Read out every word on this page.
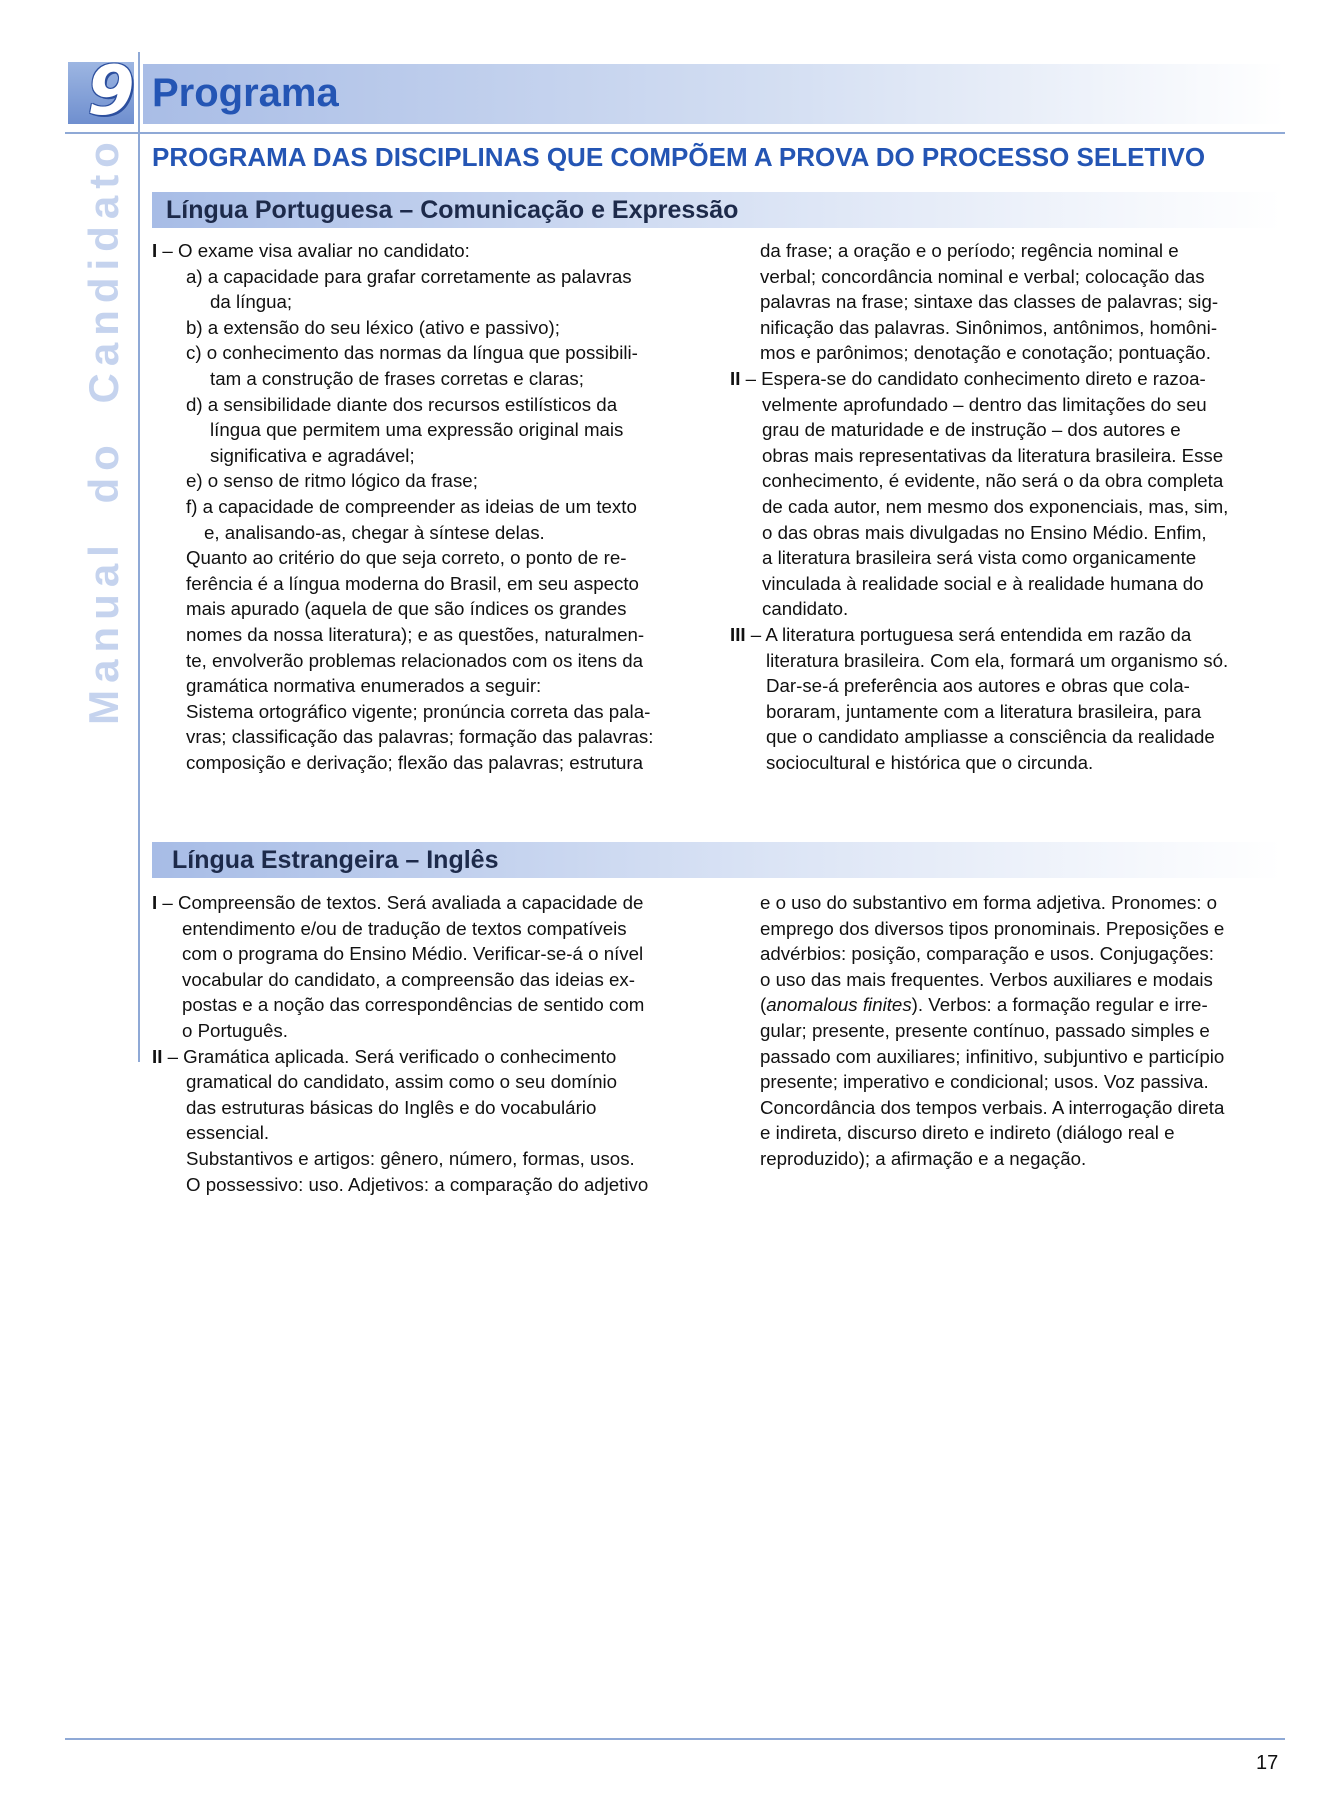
9 Programa
Manual do Candidato PROGRAMA DAS DISCIPLINAS QUE COMPÕEM A PROVA DO PROCESSO SELETIVO
Língua Portuguesa – Comunicação e Expressão
I – O exame visa avaliar no candidato:
a) a capacidade para grafar corretamente as palavras
da língua;
b) a extensão do seu léxico (ativo e passivo);
c) o conhecimento das normas da língua que possibili-
tam a construção de frases corretas e claras;
d) a sensibilidade diante dos recursos estilísticos da
língua que permitem uma expressão original mais
significativa e agradável;
e) o senso de ritmo lógico da frase;
f) a capacidade de compreender as ideias de um texto
e, analisando-as, chegar à síntese delas.
Quanto ao critério do que seja correto, o ponto de re-
ferência é a língua moderna do Brasil, em seu aspecto
mais apurado (aquela de que são índices os grandes
nomes da nossa literatura); e as questões, naturalmen-
te, envolverão problemas relacionados com os itens da
gramática normativa enumerados a seguir:
Sistema ortográfico vigente; pronúncia correta das pala-
vras; classificação das palavras; formação das palavras:
composição e derivação; flexão das palavras; estrutura
da frase; a oração e o período; regência nominal e
verbal; concordância nominal e verbal; colocação das
palavras na frase; sintaxe das classes de palavras; sig-
nificação das palavras. Sinônimos, antônimos, homôni-
mos e parônimos; denotação e conotação; pontuação.
II – Espera-se do candidato conhecimento direto e razoa-
velmente aprofundado – dentro das limitações do seu
grau de maturidade e de instrução – dos autores e
obras mais representativas da literatura brasileira. Esse
conhecimento, é evidente, não será o da obra completa
de cada autor, nem mesmo dos exponenciais, mas, sim,
o das obras mais divulgadas no Ensino Médio. Enfim,
a literatura brasileira será vista como organicamente
vinculada à realidade social e à realidade humana do
candidato.
III – A literatura portuguesa será entendida em razão da
literatura brasileira. Com ela, formará um organismo só.
Dar-se-á preferência aos autores e obras que cola-
boraram, juntamente com a literatura brasileira, para
que o candidato ampliasse a consciência da realidade
sociocultural e histórica que o circunda.
Língua Estrangeira – Inglês
I – Compreensão de textos. Será avaliada a capacidade de
entendimento e/ou de tradução de textos compatíveis
com o programa do Ensino Médio. Verificar-se-á o nível
vocabular do candidato, a compreensão das ideias ex-
postas e a noção das correspondências de sentido com
o Português.
II – Gramática aplicada. Será verificado o conhecimento
gramatical do candidato, assim como o seu domínio
das estruturas básicas do Inglês e do vocabulário
essencial.
Substantivos e artigos: gênero, número, formas, usos.
O possessivo: uso. Adjetivos: a comparação do adjetivo
e o uso do substantivo em forma adjetiva. Pronomes: o
emprego dos diversos tipos pronominais. Preposições e
advérbios: posição, comparação e usos. Conjugações:
o uso das mais frequentes. Verbos auxiliares e modais
(anomalous finites). Verbos: a formação regular e irre-
gular; presente, presente contínuo, passado simples e
passado com auxiliares; infinitivo, subjuntivo e particípio
presente; imperativo e condicional; usos. Voz passiva.
Concordância dos tempos verbais. A interrogação direta
e indireta, discurso direto e indireto (diálogo real e
reproduzido); a afirmação e a negação.
17
